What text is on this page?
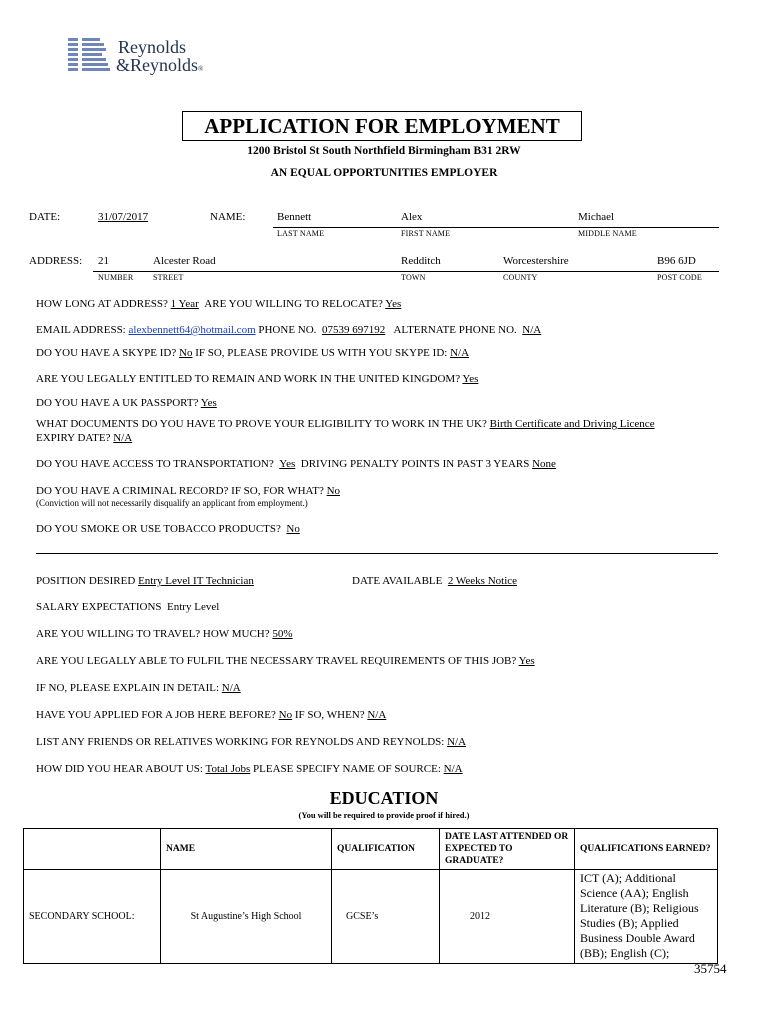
Reynolds
&Reynolds®
APPLICATION FOR EMPLOYMENT
1200 Bristol St South Northfield Birmingham B31 2RW
AN EQUAL OPPORTUNITIES EMPLOYER
DATE:	31/07/2017	NAME:	Bennett	Alex	Michael
LAST NAME	FIRST NAME	MIDDLE NAME
ADDRESS: 21	Alcester Road	Redditch	Worcestershire	B96 6JD
NUMBER STREET	TOWN	COUNTY	POST CODE
HOW LONG AT ADDRESS? 1 Year ARE YOU WILLING TO RELOCATE? Yes
EMAIL ADDRESS: alexbennett64@hotmail.com PHONE NO. 07539 697192 ALTERNATE PHONE NO. N/A
DO YOU HAVE A SKYPE ID? No IF SO, PLEASE PROVIDE US WITH YOU SKYPE ID: N/A
ARE YOU LEGALLY ENTITLED TO REMAIN AND WORK IN THE UNITED KINGDOM? Yes
DO YOU HAVE A UK PASSPORT? Yes
WHAT DOCUMENTS DO YOU HAVE TO PROVE YOUR ELIGIBILITY TO WORK IN THE UK? Birth Certificate and Driving Licence
EXPIRY DATE? N/A
DO YOU HAVE ACCESS TO TRANSPORTATION? Yes DRIVING PENALTY POINTS IN PAST 3 YEARS None
DO YOU HAVE A CRIMINAL RECORD? IF SO, FOR WHAT? No
(Conviction will not necessarily disqualify an applicant from employment.)
DO YOU SMOKE OR USE TOBACCO PRODUCTS? No
POSITION DESIRED Entry Level IT Technician	DATE AVAILABLE 2 Weeks Notice
SALARY EXPECTATIONS Entry Level
ARE YOU WILLING TO TRAVEL? HOW MUCH? 50%
ARE YOU LEGALLY ABLE TO FULFIL THE NECESSARY TRAVEL REQUIREMENTS OF THIS JOB? Yes
IF NO, PLEASE EXPLAIN IN DETAIL: N/A
HAVE YOU APPLIED FOR A JOB HERE BEFORE? No IF SO, WHEN? N/A
LIST ANY FRIENDS OR RELATIVES WORKING FOR REYNOLDS AND REYNOLDS: N/A
HOW DID YOU HEAR ABOUT US: Total Jobs PLEASE SPECIFY NAME OF SOURCE: N/A
EDUCATION
(You will be required to provide proof if hired.)
	NAME	QUALIFICATION	DATE LAST ATTENDED OR EXPECTED TO GRADUATE?	QUALIFICATIONS EARNED?
SECONDARY SCHOOL:	St Augustine’s High School	GCSE’s	2012	ICT (A); Additional Science (AA); English Literature (B); Religious Studies (B); Applied Business Double Award (BB); English (C);
35754
